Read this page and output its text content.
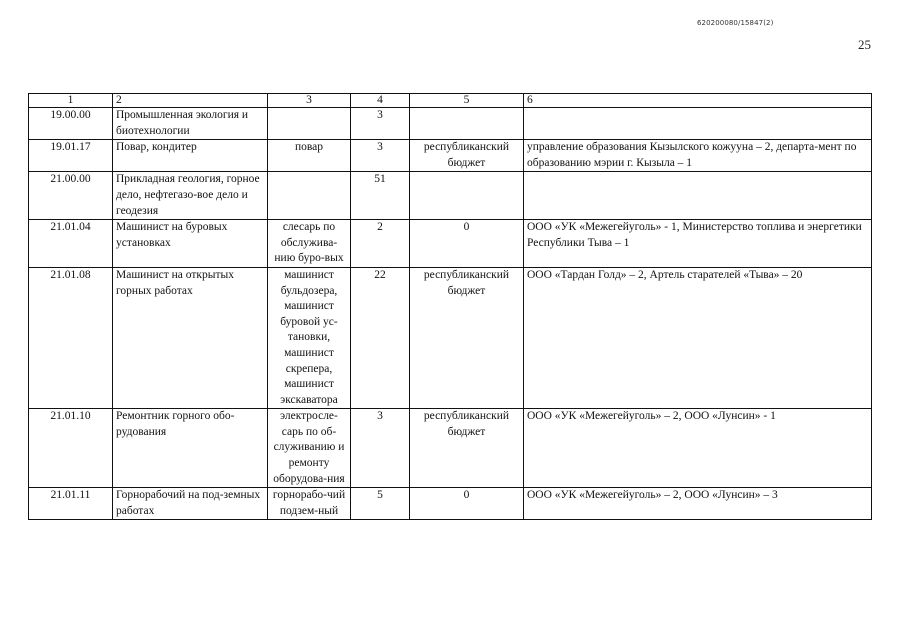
620200080/15847(2)
25
1	2	3	4	5	6
19.00.00	Промышленная экология и биотехнологии		3		
19.01.17	Повар, кондитер	повар	3	республиканский бюджет	управление образования Кызылского кожууна – 2, департа-мент по образованию мэрии г. Кызыла – 1
21.00.00	Прикладная геология, горное дело, нефтегазо-вое дело и геодезия		51		
21.01.04	Машинист на буровых установках	слесарь по обслужива-нию буро-вых	2	0	ООО «УК «Межегейуголь» - 1, Министерство топлива и энергетики Республики Тыва – 1
21.01.08	Машинист на открытых горных работах	машинист бульдозера, машинист буровой ус-тановки, машинист скрепера, машинист экскаватора	22	республиканский бюджет	ООО «Тардан Голд» – 2, Артель старателей «Тыва» – 20
21.01.10	Ремонтник горного обо-рудования	электросле-сарь по об-служиванию и ремонту оборудова-ния	3	республиканский бюджет	ООО «УК «Межегейуголь» – 2, ООО «Лунсин» - 1
21.01.11	Горнорабочий на под-земных работах	горнорабо-чий подзем-ный	5	0	ООО «УК «Межегейуголь» – 2, ООО «Лунсин» – 3
